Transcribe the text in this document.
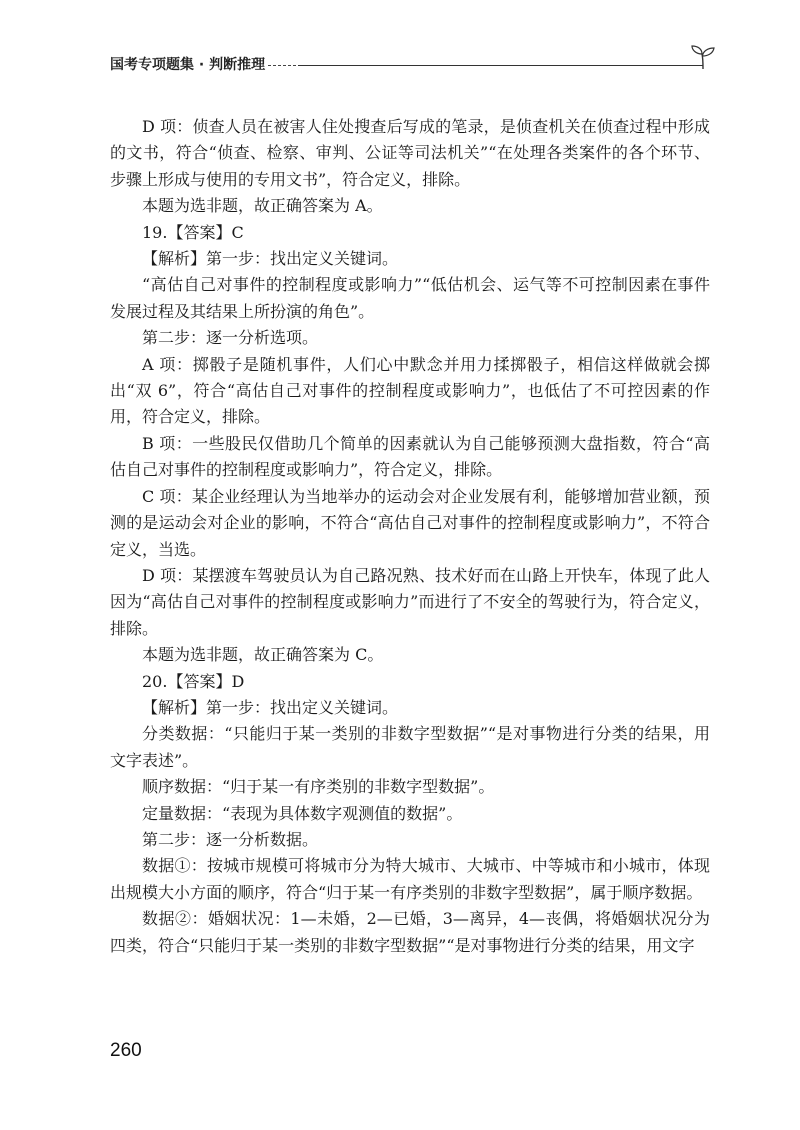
国考专项题集 · 判断推理

D 项：侦查人员在被害人住处搜查后写成的笔录，是侦查机关在侦查过程中形成的文书，符合“侦查、检察、审判、公证等司法机关”“在处理各类案件的各个环节、步骤上形成与使用的专用文书”，符合定义，排除。

本题为选非题，故正确答案为 A。

19.【答案】C

【解析】第一步：找出定义关键词。

“高估自己对事件的控制程度或影响力”“低估机会、运气等不可控制因素在事件发展过程及其结果上所扮演的角色”。

第二步：逐一分析选项。

A 项：掷骰子是随机事件，人们心中默念并用力揉掷骰子，相信这样做就会掷出“双 6”，符合“高估自己对事件的控制程度或影响力”，也低估了不可控因素的作用，符合定义，排除。

B 项：一些股民仅借助几个简单的因素就认为自己能够预测大盘指数，符合“高估自己对事件的控制程度或影响力”，符合定义，排除。

C 项：某企业经理认为当地举办的运动会对企业发展有利，能够增加营业额，预测的是运动会对企业的影响，不符合“高估自己对事件的控制程度或影响力”，不符合定义，当选。

D 项：某摆渡车驾驶员认为自己路况熟、技术好而在山路上开快车，体现了此人因为“高估自己对事件的控制程度或影响力”而进行了不安全的驾驶行为，符合定义，排除。

本题为选非题，故正确答案为 C。

20.【答案】D

【解析】第一步：找出定义关键词。

分类数据：“只能归于某一类别的非数字型数据”“是对事物进行分类的结果，用文字表述”。

顺序数据：“归于某一有序类别的非数字型数据”。

定量数据：“表现为具体数字观测值的数据”。

第二步：逐一分析数据。

数据①：按城市规模可将城市分为特大城市、大城市、中等城市和小城市，体现出规模大小方面的顺序，符合“归于某一有序类别的非数字型数据”，属于顺序数据。

数据②：婚姻状况：1—未婚，2—已婚，3—离异，4—丧偶，将婚姻状况分为四类，符合“只能归于某一类别的非数字型数据”“是对事物进行分类的结果，用文字

260
